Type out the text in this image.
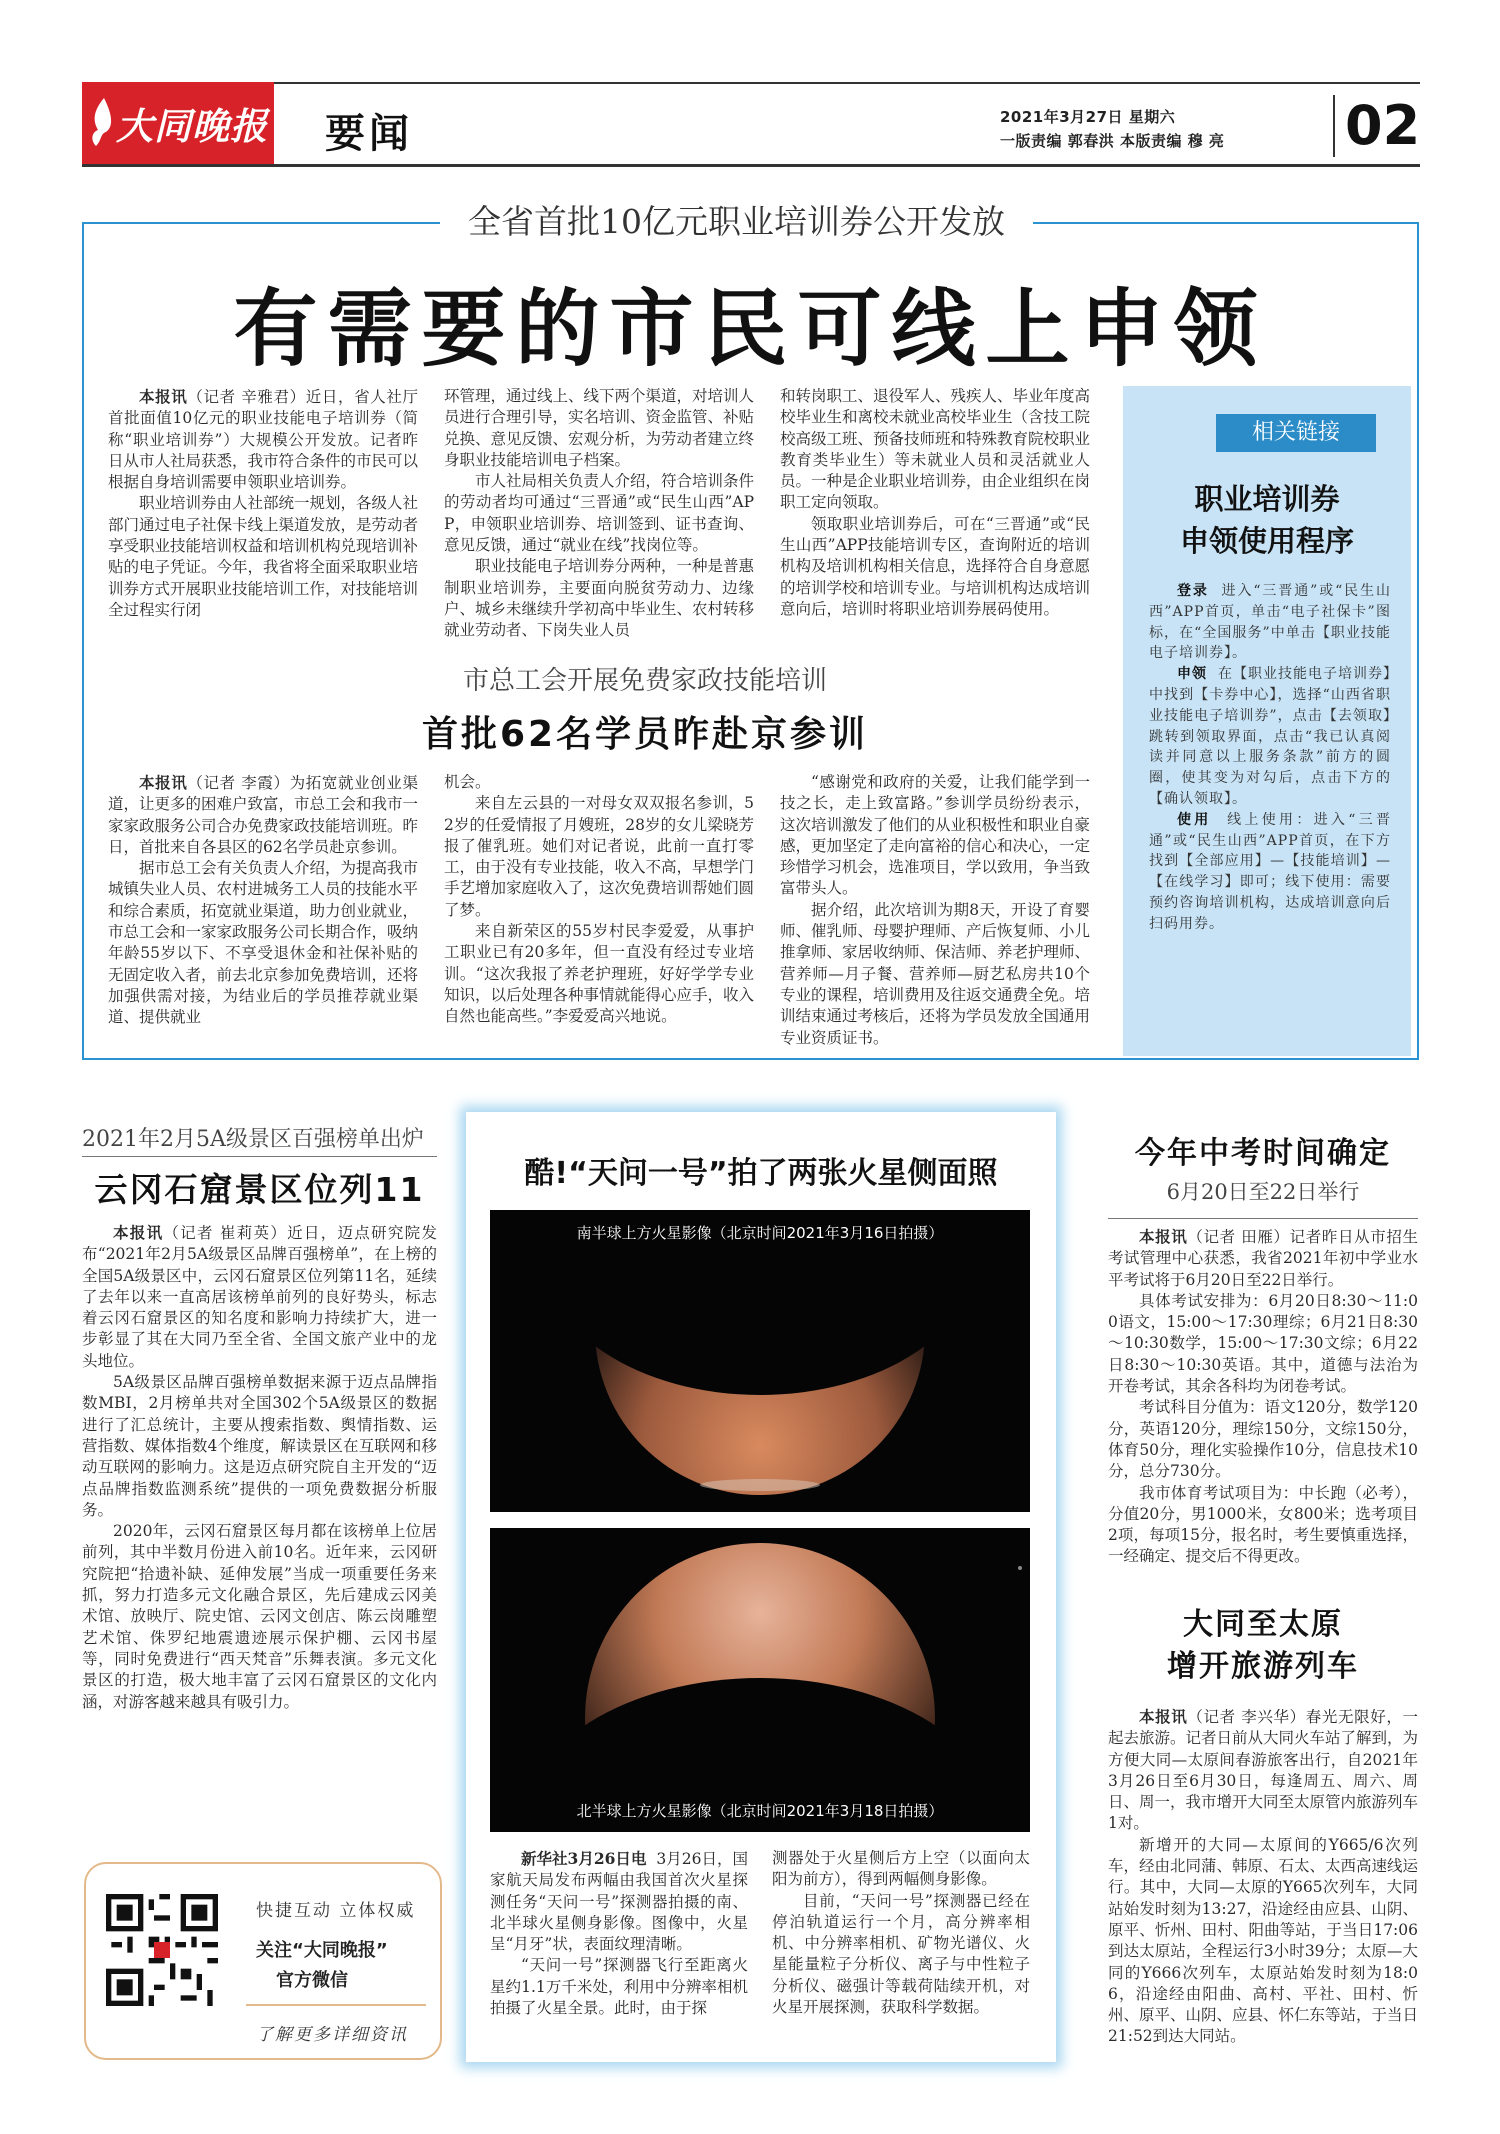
大同晚报 要闻	2021年3月27日 星期六
一版责编 郭春洪 本版责编 穆 亮 02
全省首批10亿元职业培训券公开发放
有需要的市民可线上申领

本报讯（记者 辛雅君）近日，省人社厅首批面值10亿元的职业技能电子培训券（简称“职业培训券”）大规模公开发放。记者昨日从市人社局获悉，我市符合条件的市民可以根据自身培训需要申领职业培训券。

职业培训券由人社部统一规划，各级人社部门通过电子社保卡线上渠道发放，是劳动者享受职业技能培训权益和培训机构兑现培训补贴的电子凭证。今年，我省将全面采取职业培训券方式开展职业技能培训工作，对技能培训全过程实行闭

环管理，通过线上、线下两个渠道，对培训人员进行合理引导，实名培训、资金监管、补贴兑换、意见反馈、宏观分析，为劳动者建立终身职业技能培训电子档案。

市人社局相关负责人介绍，符合培训条件的劳动者均可通过“三晋通”或“民生山西”APP，申领职业培训券、培训签到、证书查询、意见反馈，通过“就业在线”找岗位等。

职业技能电子培训券分两种，一种是普惠制职业培训券，主要面向脱贫劳动力、边缘户、城乡未继续升学初高中毕业生、农村转移就业劳动者、下岗失业人员

和转岗职工、退役军人、残疾人、毕业年度高校毕业生和离校未就业高校毕业生（含技工院校高级工班、预备技师班和特殊教育院校职业教育类毕业生）等未就业人员和灵活就业人员。一种是企业职业培训券，由企业组织在岗职工定向领取。

领取职业培训券后，可在“三晋通”或“民生山西”APP技能培训专区，查询附近的培训机构及培训机构相关信息，选择符合自身意愿的培训学校和培训专业。与培训机构达成培训意向后，培训时将职业培训券展码使用。

相关链接
职业培训券
申领使用程序

登录 进入“三晋通”或“民生山西”APP首页，单击“电子社保卡”图标，在“全国服务”中单击【职业技能电子培训券】。

申领 在【职业技能电子培训券】中找到【卡券中心】，选择“山西省职业技能电子培训券”，点击【去领取】跳转到领取界面，点击“我已认真阅读并同意以上服务条款”前方的圆圈，使其变为对勾后，点击下方的【确认领取】。

使用 线上使用：进入“三晋通”或“民生山西”APP首页，在下方找到【全部应用】—【技能培训】—【在线学习】即可；线下使用：需要预约咨询培训机构，达成培训意向后扫码用券。

市总工会开展免费家政技能培训
首批62名学员昨赴京参训

本报讯（记者 李霞）为拓宽就业创业渠道，让更多的困难户致富，市总工会和我市一家家政服务公司合办免费家政技能培训班。昨日，首批来自各县区的62名学员赴京参训。

据市总工会有关负责人介绍，为提高我市城镇失业人员、农村进城务工人员的技能水平和综合素质，拓宽就业渠道，助力创业就业，市总工会和一家家政服务公司长期合作，吸纳年龄55岁以下、不享受退休金和社保补贴的无固定收入者，前去北京参加免费培训，还将加强供需对接，为结业后的学员推荐就业渠道、提供就业

机会。

来自左云县的一对母女双双报名参训，52岁的任爱情报了月嫂班，28岁的女儿梁晓芳报了催乳班。她们对记者说，此前一直打零工，由于没有专业技能，收入不高，早想学门手艺增加家庭收入了，这次免费培训帮她们圆了梦。

来自新荣区的55岁村民李爱爱，从事护工职业已有20多年，但一直没有经过专业培训。“这次我报了养老护理班，好好学学专业知识，以后处理各种事情就能得心应手，收入自然也能高些。”李爱爱高兴地说。

“感谢党和政府的关爱，让我们能学到一技之长，走上致富路。”参训学员纷纷表示，这次培训激发了他们的从业积极性和职业自豪感，更加坚定了走向富裕的信心和决心，一定珍惜学习机会，选准项目，学以致用，争当致富带头人。

据介绍，此次培训为期8天，开设了育婴师、催乳师、母婴护理师、产后恢复师、小儿推拿师、家居收纳师、保洁师、养老护理师、营养师—月子餐、营养师—厨艺私房共10个专业的课程，培训费用及往返交通费全免。培训结束通过考核后，还将为学员发放全国通用专业资质证书。

2021年2月5A级景区百强榜单出炉
云冈石窟景区位列11

本报讯（记者 崔莉英）近日，迈点研究院发布“2021年2月5A级景区品牌百强榜单”，在上榜的全国5A级景区中，云冈石窟景区位列第11名，延续了去年以来一直高居该榜单前列的良好势头，标志着云冈石窟景区的知名度和影响力持续扩大，进一步彰显了其在大同乃至全省、全国文旅产业中的龙头地位。

5A级景区品牌百强榜单数据来源于迈点品牌指数MBI，2月榜单共对全国302个5A级景区的数据进行了汇总统计，主要从搜索指数、舆情指数、运营指数、媒体指数4个维度，解读景区在互联网和移动互联网的影响力。这是迈点研究院自主开发的“迈点品牌指数监测系统”提供的一项免费数据分析服务。

2020年，云冈石窟景区每月都在该榜单上位居前列，其中半数月份进入前10名。近年来，云冈研究院把“拾遗补缺、延伸发展”当成一项重要任务来抓，努力打造多元文化融合景区，先后建成云冈美术馆、放映厅、院史馆、云冈文创店、陈云岗雕塑艺术馆、侏罗纪地震遗迹展示保护棚、云冈书屋等，同时免费进行“西天梵音”乐舞表演。多元文化景区的打造，极大地丰富了云冈石窟景区的文化内涵，对游客越来越具有吸引力。

快捷互动 立体权威
关注“大同晚报”
官方微信
了解更多详细资讯
酷!“天问一号”拍了两张火星侧面照
南半球上方火星影像（北京时间2021年3月16日拍摄）
北半球上方火星影像（北京时间2021年3月18日拍摄）

新华社3月26日电 3月26日，国家航天局发布两幅由我国首次火星探测任务“天问一号”探测器拍摄的南、北半球火星侧身影像。图像中，火星呈“月牙”状，表面纹理清晰。

“天问一号”探测器飞行至距离火星约1.1万千米处，利用中分辨率相机拍摄了火星全景。此时，由于探

测器处于火星侧后方上空（以面向太阳为前方），得到两幅侧身影像。

目前，“天问一号”探测器已经在停泊轨道运行一个月，高分辨率相机、中分辨率相机、矿物光谱仪、火星能量粒子分析仪、离子与中性粒子分析仪、磁强计等载荷陆续开机，对火星开展探测，获取科学数据。

今年中考时间确定
6月20日至22日举行

本报讯（记者 田雁）记者昨日从市招生考试管理中心获悉，我省2021年初中学业水平考试将于6月20日至22日举行。

具体考试安排为：6月20日8:30～11:00语文，15:00～17:30理综；6月21日8:30～10:30数学，15:00～17:30文综；6月22日8:30～10:30英语。其中，道德与法治为开卷考试，其余各科均为闭卷考试。

考试科目分值为：语文120分，数学120分，英语120分，理综150分，文综150分，体育50分，理化实验操作10分，信息技术10分，总分730分。

我市体育考试项目为：中长跑（必考），分值20分，男1000米，女800米；选考项目2项，每项15分，报名时，考生要慎重选择，一经确定、提交后不得更改。

大同至太原
增开旅游列车

本报讯（记者 李兴华）春光无限好，一起去旅游。记者日前从大同火车站了解到，为方便大同—太原间春游旅客出行，自2021年3月26日至6月30日，每逢周五、周六、周日、周一，我市增开大同至太原管内旅游列车1对。

新增开的大同—太原间的Y665/6次列车，经由北同蒲、韩原、石太、太西高速线运行。其中，大同—太原的Y665次列车，大同站始发时刻为13:27，沿途经由应县、山阴、原平、忻州、田村、阳曲等站，于当日17:06到达太原站，全程运行3小时39分；太原—大同的Y666次列车，太原站始发时刻为18:06，沿途经由阳曲、高村、平社、田村、忻州、原平、山阴、应县、怀仁东等站，于当日21:52到达大同站。
